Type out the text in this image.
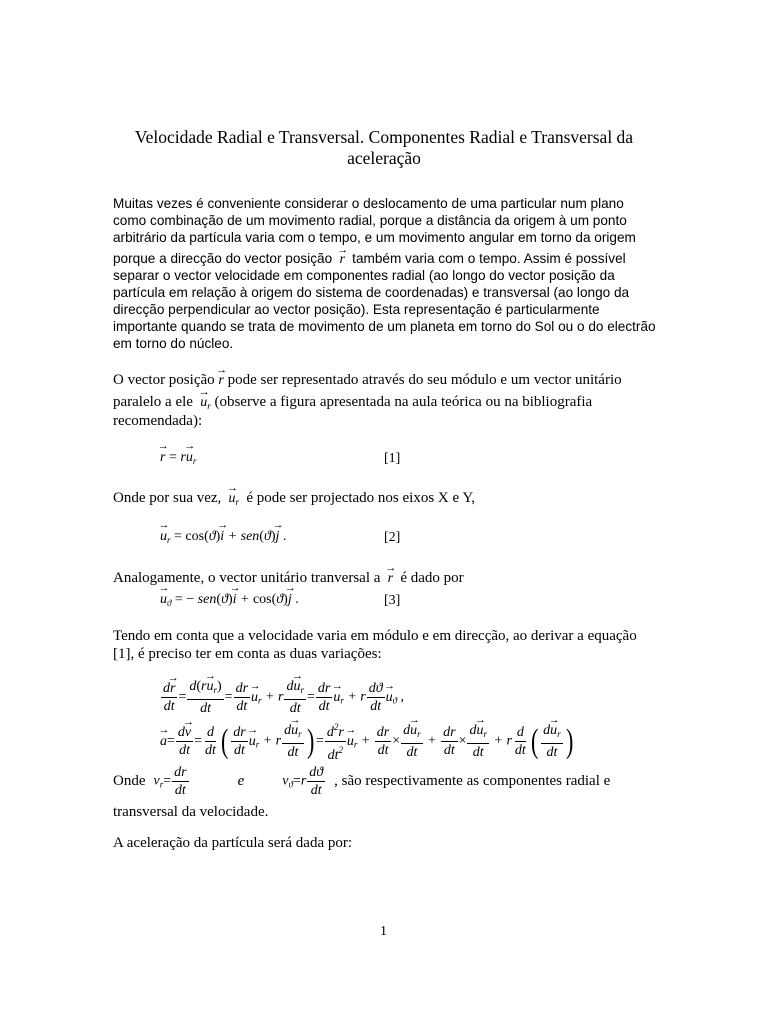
Velocidade Radial e Transversal. Componentes Radial e Transversal da
aceleração
Muitas vezes é conveniente considerar o deslocamento de uma particular num plano
como combinação de um movimento radial, porque a distância da origem à um ponto
arbitrário da partícula varia com o tempo, e um movimento angular em torno da origem
porque a direcção do vector posição  → r também varia com o tempo. Assim é possível
separar o vector velocidade em componentes radial (ao longo do vector posição da
partícula em relação à origem do sistema de coordenadas) e transversal (ao longo da
direcção perpendicular ao vector posição). Esta representação é particularmente
importante quando se trata de movimento de um planeta em torno do Sol ou o do electrão
em torno do núcleo.
O vector posição → r pode ser representado através do seu módulo e um vector unitário
paralelo a ele  → $u_r$ (observe a figura apresentada na aula teórica ou na bibliografia
recomendada):
→ $r = r\to u_r$	[1]
Onde por sua vez,  → $u_r$ é pode ser projectado nos eixos X e Y,
→ $u_r = \cos(ϑ)\to i + sen(ϑ)\to j$ .	[2]
Analogamente, o vector unitário tranversal a  → r é dado por
→ $u_ϑ$ = − sen(ϑ)→ i + cos(ϑ)→ j .	[3]
Tendo em conta que a velocidade varia em módulo e em direcção, ao derivar a equação
[1], é preciso ter em conta as duas variações:
$\frac{d\to r}{dt} = \frac{d(r\to u_r)}{dt} = \frac{dr}{dt}$
→ $u_r + r \frac{d\to u_r}{dt} = \frac{dr}{dt}$
→ $u_r + r \frac{dϑ}{dt}$
→ $u_ϑ$ ,
→ $a= \frac{d\to v}{dt} = \frac{d}{dt}$ ( $\frac{dr}{dt}$
→ $u_r + r \frac{d\to u_r}{dt}$ ) = $\frac{d^2r}{dt^2}$
→ $u_r + \frac{dr}{dt} \times \frac{d\to u_r}{dt} + \frac{dr}{dt} \times \frac{d\to u_r}{dt} + r \frac{d}{dt}$ ( $\frac{d\to u_r}{dt}$ )
Onde $v_r= \frac{dr}{dt}$	e	$v_ϑ=r \frac{dϑ}{dt}$ , são respectivamente as componentes radial e
transversal da velocidade.
A aceleração da partícula será dada por:
1
